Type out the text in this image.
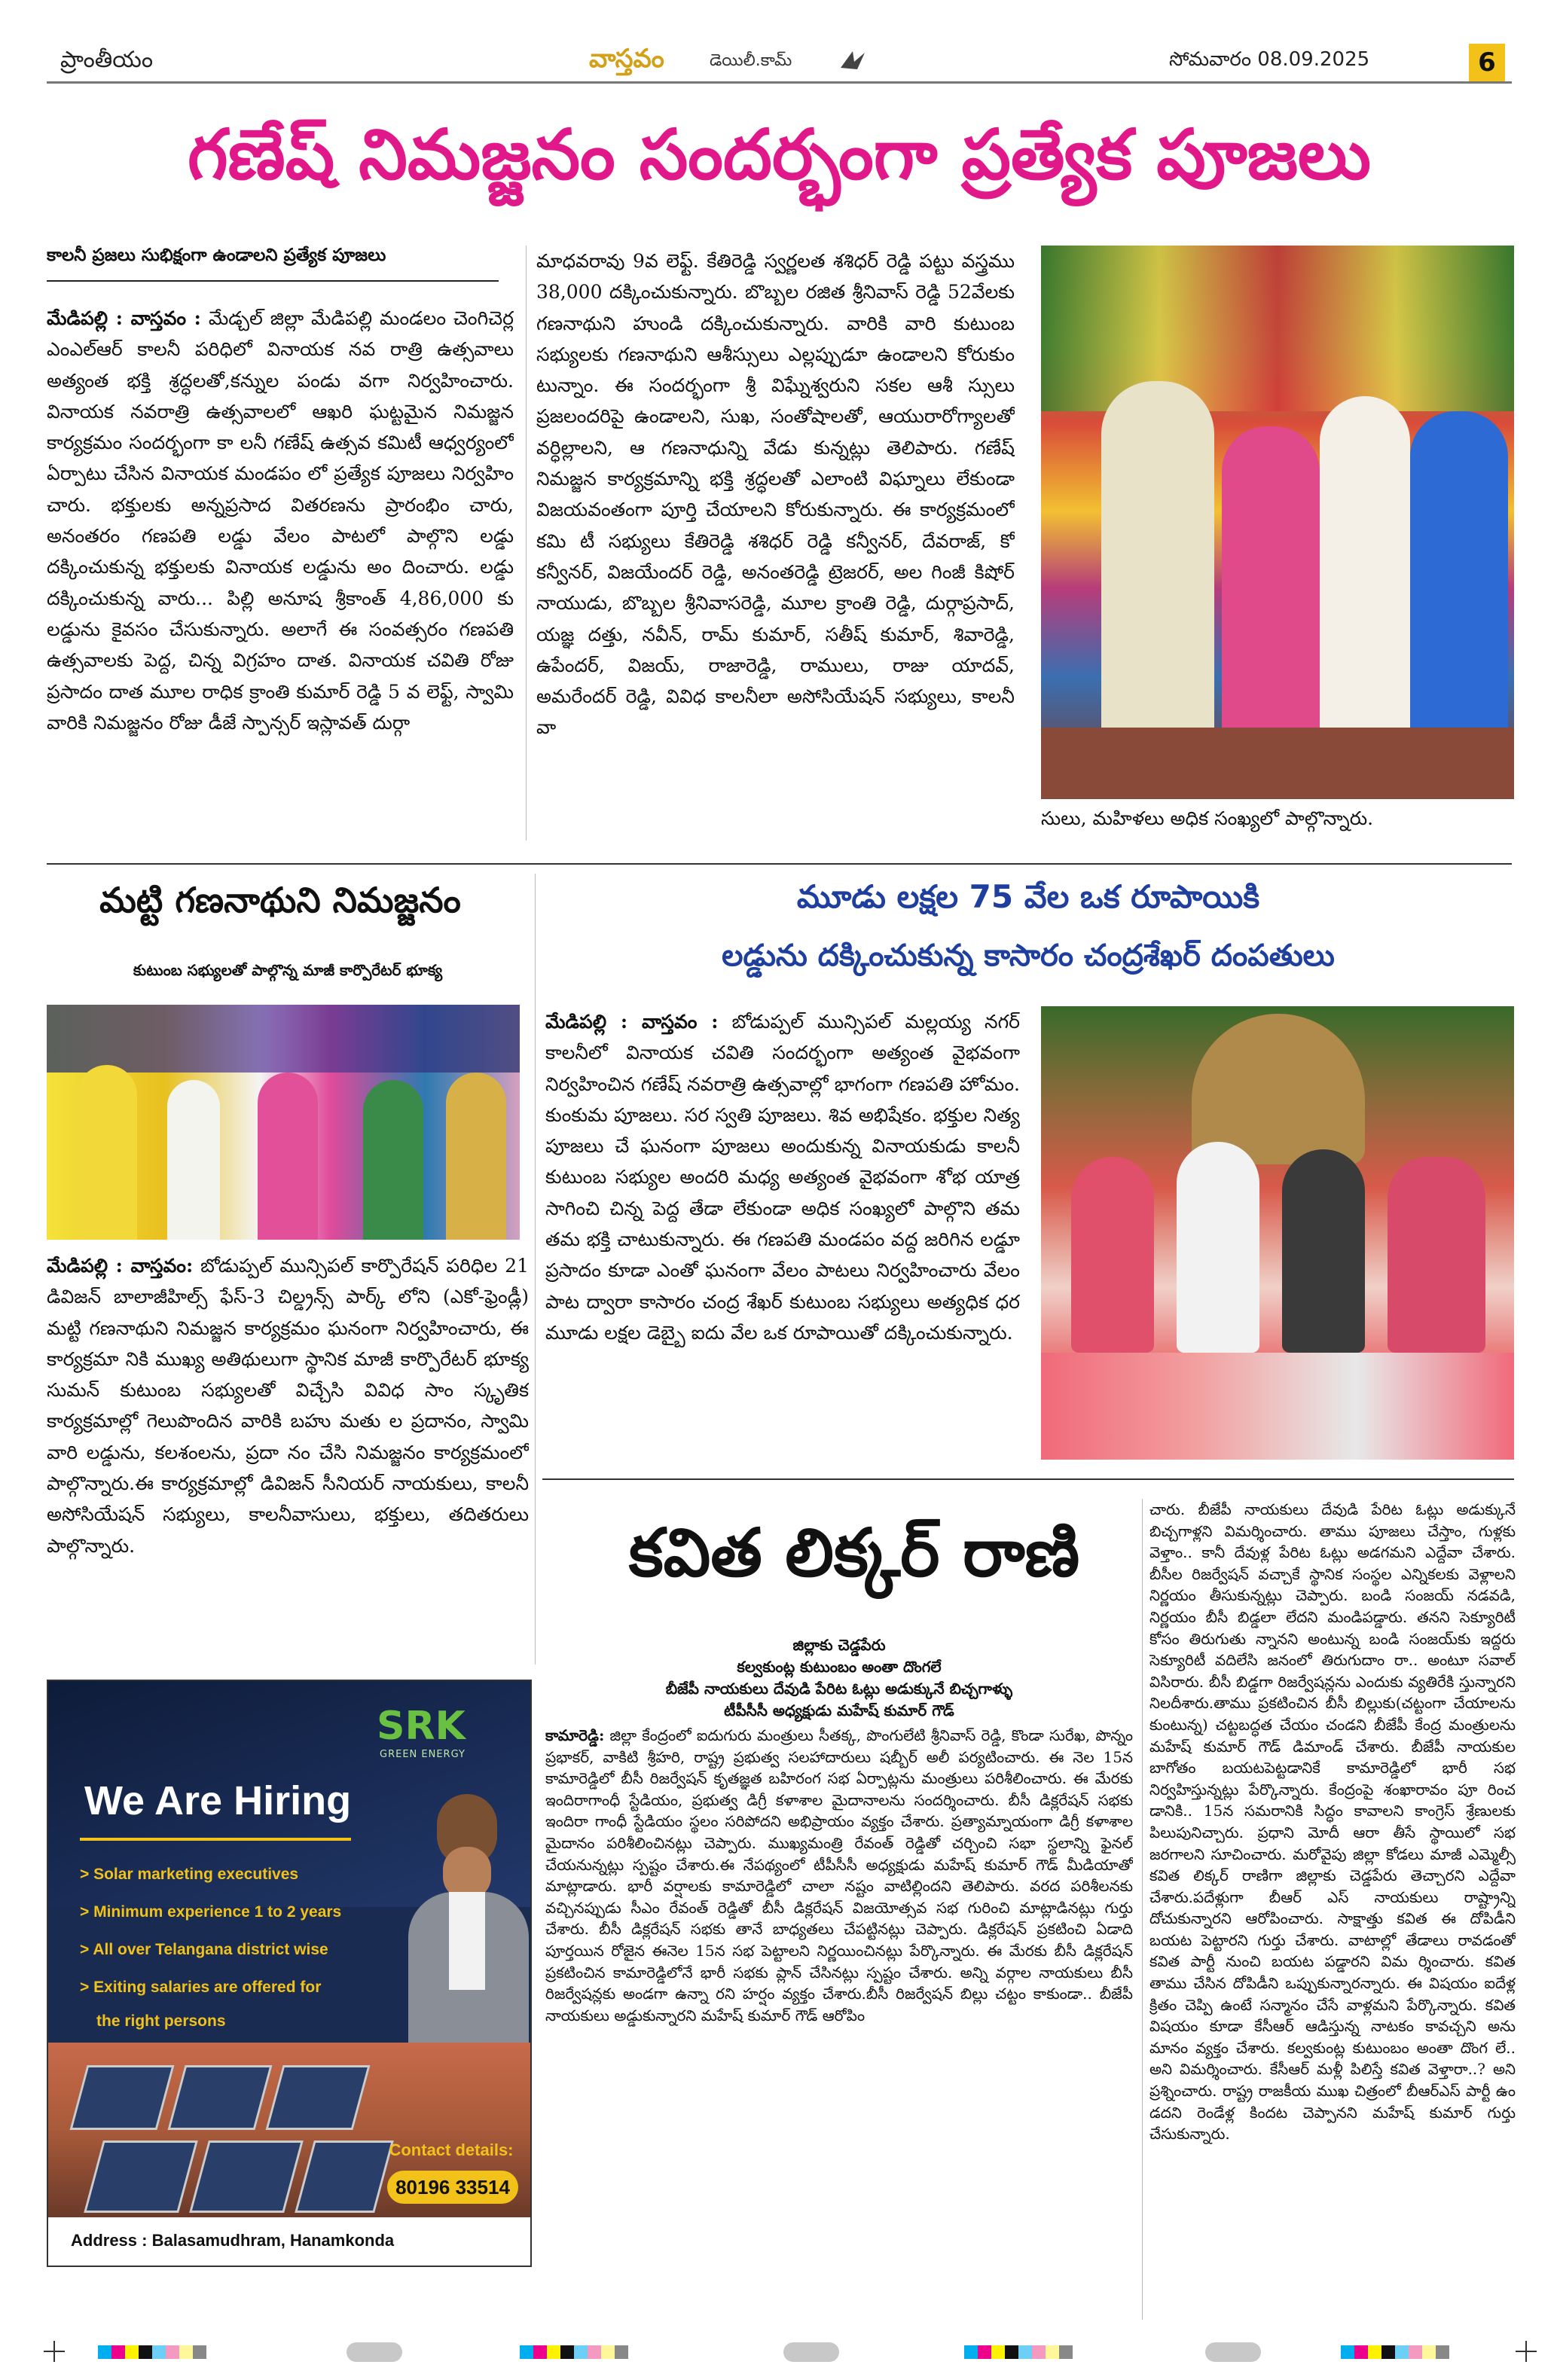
ప్రాంతీయం	వాస్తవం	డెయిలీ.కామ్	సోమవారం 08.09.2025	6
గణేష్ నిమజ్జనం సందర్భంగా ప్రత్యేక పూజలు
కాలనీ ప్రజలు సుభిక్షంగా ఉండాలని ప్రత్యేక పూజలు

మేడిపల్లి : వాస్తవం : మేడ్చల్ జిల్లా మేడిపల్లి మండలం చెంగిచెర్ల ఎంఎల్ఆర్ కాలనీ పరిధిలో వినాయక నవ రాత్రి ఉత్సవాలు అత్యంత భక్తి శ్రద్ధలతో,కన్నుల పండు వగా నిర్వహించారు. వినాయక నవరాత్రి ఉత్సవాలలో ఆఖరి ఘట్టమైన నిమజ్జన కార్యక్రమం సందర్భంగా కా లనీ గణేష్ ఉత్సవ కమిటీ ఆధ్వర్యంలో ఏర్పాటు చేసిన వినాయక మండపం లో ప్రత్యేక పూజలు నిర్వహిం చారు. భక్తులకు అన్నప్రసాద వితరణను ప్రారంభిం చారు, అనంతరం గణపతి లడ్డు వేలం పాటలో పాల్గొని లడ్డు దక్కించుకున్న భక్తులకు వినాయక లడ్డును అం దించారు. లడ్డు దక్కించుకున్న వారు... పిల్లి అనూష శ్రీకాంత్ 4,86,000 కు లడ్డును కైవసం చేసుకున్నారు. అలాగే ఈ సంవత్సరం గణపతి ఉత్సవాలకు పెద్ద, చిన్న విగ్రహం దాత. వినాయక చవితి రోజు ప్రసాదం దాత మూల రాధిక క్రాంతి కుమార్ రెడ్డి 5 వ లెఫ్ట్, స్వామి వారికి నిమజ్జనం రోజు డీజే స్పాన్సర్ ఇస్లావత్ దుర్గా

మాధవరావు 9వ లెఫ్ట్. కేతిరెడ్డి స్వర్ణలత శశిధర్ రెడ్డి పట్టు వస్త్రము 38,000 దక్కించుకున్నారు. బొబ్బల రజిత శ్రీనివాస్ రెడ్డి 52వేలకు గణనాథుని హుండి దక్కించుకున్నారు. వారికి వారి కుటుంబ సభ్యులకు గణనాథుని ఆశీస్సులు ఎల్లప్పుడూ ఉండాలని కోరుకుం టున్నాం. ఈ సందర్భంగా శ్రీ విఘ్నేశ్వరుని సకల ఆశీ స్సులు ప్రజలందరిపై ఉండాలని, సుఖ, సంతోషాలతో, ఆయురారోగ్యాలతో వర్ధిల్లాలని, ఆ గణనాధున్ని వేడు కున్నట్లు తెలిపారు. గణేష్ నిమజ్జన కార్యక్రమాన్ని భక్తి శ్రద్ధలతో ఎలాంటి విఘ్నాలు లేకుండా విజయవంతంగా పూర్తి చేయాలని కోరుకున్నారు. ఈ కార్యక్రమంలో కమి టీ సభ్యులు కేతిరెడ్డి శశిధర్ రెడ్డి కన్వీనర్, దేవరాజ్, కో కన్వీనర్, విజయేందర్ రెడ్డి, అనంతరెడ్డి ట్రెజరర్, అల గింజీ కిషోర్ నాయుడు, బొబ్బల శ్రీనివాసరెడ్డి, మూల క్రాంతి రెడ్డి, దుర్గాప్రసాద్, యజ్ఞ దత్తు, నవీన్, రామ్ కుమార్, సతీష్ కుమార్, శివారెడ్డి, ఉపేందర్, విజయ్, రాజారెడ్డి, రాములు, రాజు యాదవ్, అమరేందర్ రెడ్డి, వివిధ కాలనీలా అసోసియేషన్ సభ్యులు, కాలనీ వా

సులు, మహిళలు అధిక సంఖ్యలో పాల్గొన్నారు.
మట్టి గణనాథుని నిమజ్జనం
కుటుంబ సభ్యులతో పాల్గొన్న మాజీ కార్పొరేటర్ భూక్య

మేడిపల్లి : వాస్తవం: బోడుప్పల్ మున్సిపల్ కార్పొరేషన్ పరిధిల 21 డివిజన్ బాలాజీహిల్స్ ఫేస్-3 చిల్డ్రన్స్ పార్క్ లోని (ఎకో-ఫ్రెండ్లీ) మట్టి గణనాథుని నిమజ్జన కార్యక్రమం ఘనంగా నిర్వహించారు, ఈ కార్యక్రమా నికి ముఖ్య అతిథులుగా స్థానిక మాజీ కార్పొరేటర్ భూక్య సుమన్ కుటుంబ సభ్యులతో విచ్చేసి వివిధ సాం స్కృతిక కార్యక్రమాల్లో గెలుపొందిన వారికి బహు మతు ల ప్రదానం, స్వామి వారి లడ్డును, కలశంలను, ప్రదా నం చేసి నిమజ్జనం కార్యక్రమంలో పాల్గొన్నారు.ఈ కార్యక్రమాల్లో డివిజన్ సీనియర్ నాయకులు, కాలనీ అసోసియేషన్ సభ్యులు, కాలనీవాసులు, భక్తులు, తదితరులు పాల్గొన్నారు.

మూడు లక్షల 75 వేల ఒక రూపాయికి
లడ్డును దక్కించుకున్న కాసారం చంద్రశేఖర్ దంపతులు

మేడిపల్లి : వాస్తవం : బోడుప్పల్ మున్సిపల్ మల్లయ్య నగర్ కాలనీలో వినాయక చవితి సందర్భంగా అత్యంత వైభవంగా నిర్వహించిన గణేష్ నవరాత్రి ఉత్సవాల్లో భాగంగా గణపతి హోమం. కుంకుమ పూజలు. సర స్వతి పూజలు. శివ అభిషేకం. భక్తుల నిత్య పూజలు చే ఘనంగా పూజలు అందుకున్న వినాయకుడు కాలనీ కుటుంబ సభ్యుల అందరి మధ్య అత్యంత వైభవంగా శోభ యాత్ర సాగించి చిన్న పెద్ద తేడా లేకుండా అధిక సంఖ్యలో పాల్గొని తమ తమ భక్తి చాటుకున్నారు. ఈ గణపతి మండపం వద్ద జరిగిన లడ్డూ ప్రసాదం కూడా ఎంతో ఘనంగా వేలం పాటలు నిర్వహించారు వేలం పాట ద్వారా కాసారం చంద్ర శేఖర్ కుటుంబ సభ్యులు అత్యధిక ధర మూడు లక్షల డెబ్బై ఐదు వేల ఒక రూపాయితో దక్కించుకున్నారు.

SRK
GREEN ENERGY
We Are Hiring
> Solar marketing executives
> Minimum experience 1 to 2 years
> All over Telangana district wise
> Exiting salaries are offered for
the right persons
Contact details:
80196 33514
Address : Balasamudhram, Hanamkonda
కవిత లిక్కర్ రాణి
జిల్లాకు చెడ్డపేరు
కల్వకుంట్ల కుటుంబం అంతా దొంగలే
బీజేపీ నాయకులు దేవుడి పేరిట ఓట్లు అడుక్కునే బిచ్చగాళ్ళు
టీపీసీసీ అధ్యక్షుడు మహేష్ కుమార్ గౌడ్

కామారెడ్డి: జిల్లా కేంద్రంలో ఐదుగురు మంత్రులు సీతక్క, పొంగులేటి శ్రీనివాస్ రెడ్డి, కొండా సురేఖ, పొన్నం ప్రభాకర్, వాకిటి శ్రీహరి, రాష్ట్ర ప్రభుత్వ సలహాదారులు షబ్బీర్ అలీ పర్యటించారు. ఈ నెల 15న కామారెడ్డిలో బీసీ రిజర్వేషన్ కృతజ్ఞత బహిరంగ సభ ఏర్పాట్లను మంత్రులు పరిశీలించారు. ఈ మేరకు ఇందిరాగాంధీ స్టేడియం, ప్రభుత్వ డిగ్రీ కళాశాల మైదానాలను సందర్శించారు. బీసీ డిక్లరేషన్ సభకు ఇందిరా గాంధీ స్టేడియం స్థలం సరిపోదని అభిప్రాయం వ్యక్తం చేశారు. ప్రత్యామ్నాయంగా డిగ్రీ కళాశాల మైదానం పరిశీలించినట్లు చెప్పారు. ముఖ్యమంత్రి రేవంత్ రెడ్డితో చర్చించి సభా స్థలాన్ని ఫైనల్ చేయనున్నట్లు స్పష్టం చేశారు.ఈ నేపథ్యంలో టీపీసీసీ అధ్యక్షుడు మహేష్ కుమార్ గౌడ్ మీడియాతో మాట్లాడారు. భారీ వర్షాలకు కామారెడ్డిలో చాలా నష్టం వాటిల్లిందని తెలిపారు. వరద పరిశీలనకు వచ్చినప్పుడు సీఎం రేవంత్ రెడ్డితో బీసీ డిక్లరేషన్ విజయోత్సవ సభ గురించి మాట్లాడినట్లు గుర్తు చేశారు. బీసీ డిక్లరేషన్ సభకు తానే బాధ్యతలు చేపట్టినట్లు చెప్పారు. డిక్లరేషన్ ప్రకటించి ఏడాది పూర్తయిన రోజైన ఈనెల 15న సభ పెట్టాలని నిర్ణయించినట్లు పేర్కొన్నారు. ఈ మేరకు బీసీ డిక్లరేషన్ ప్రకటించిన కామారెడ్డిలోనే భారీ సభకు ప్లాన్ చేసినట్లు స్పష్టం చేశారు. అన్ని వర్గాల నాయకులు బీసీ రిజర్వేషన్లకు అండగా ఉన్నా రని హర్షం వ్యక్తం చేశారు.బీసీ రిజర్వేషన్ బిల్లు చట్టం కాకుండా.. బీజేపీ నాయకులు అడ్డుకున్నారని మహేష్ కుమార్ గౌడ్ ఆరోపిం

చారు. బీజేపీ నాయకులు దేవుడి పేరిట ఓట్లు అడుక్కునే బిచ్చగాళ్లని విమర్శించారు. తాము పూజలు చేస్తాం, గుళ్లకు వెళ్తాం.. కానీ దేవుళ్ల పేరిట ఓట్లు అడగమని ఎద్దేవా చేశారు. బీసీల రిజర్వేషన్ వచ్చాకే స్థానిక సంస్థల ఎన్నికలకు వెళ్లాలని నిర్ణయం తీసుకున్నట్లు చెప్పారు. బండి సంజయ్ నడవడి, నిర్ణయం బీసీ బిడ్డలా లేదని మండిపడ్డారు. తనని సెక్యూరిటీ కోసం తిరుగుతు న్నానని అంటున్న బండి సంజయ్‌కు ఇద్దరు సెక్యూరిటీ వదిలేసి జనంలో తిరుగుదాం రా.. అంటూ సవాల్ విసిరారు. బీసీ బిడ్డగా రిజర్వేషన్లను ఎందుకు వ్యతిరేకి స్తున్నారని నిలదీశారు.తాము ప్రకటించిన బీసీ బిల్లుకు(చట్టంగా చేయాలను కుంటున్న) చట్టబద్ధత చేయం చండని బీజేపీ కేంద్ర మంత్రులను మహేష్ కుమార్ గౌడ్ డిమాండ్ చేశారు. బీజేపీ నాయకుల బాగోతం బయటపెట్టడానికే కామారెడ్డిలో భారీ సభ నిర్వహిస్తున్నట్లు పేర్కొన్నారు. కేంద్రంపై శంఖారావం పూ రించ డానికి.. 15న సమరానికి సిద్ధం కావాలని కాంగ్రెస్ శ్రేణులకు పిలుపునిచ్చారు. ప్రధాని మోదీ ఆరా తీసే స్థాయిలో సభ జరగాలని సూచించారు. మరోవైపు జిల్లా కోడలు మాజీ ఎమ్మెల్సీ కవిత లిక్కర్ రాణిగా జిల్లాకు చెడ్డపేరు తెచ్చారని ఎద్దేవా చేశారు.పదేళ్లుగా బీఆర్ ఎస్ నాయకులు రాష్ట్రాన్ని దోచుకున్నారని ఆరోపించారు. సాక్షాత్తు కవిత ఈ దోపిడీని బయట పెట్టారని గుర్తు చేశారు. వాటాల్లో తేడాలు రావడంతో కవిత పార్టీ నుంచి బయట పడ్డారని విమ ర్శించారు. కవిత తాము చేసిన దోపిడీని ఒప్పుకున్నారన్నారు. ఈ విషయం ఐదేళ్ల క్రితం చెప్పి ఉంటే సన్మానం చేసే వాళ్లమని పేర్కొన్నారు. కవిత విషయం కూడా కేసీఆర్ ఆడిస్తున్న నాటకం కావచ్చని అను మానం వ్యక్తం చేశారు. కల్వకుంట్ల కుటుంబం అంతా దొంగ లే.. అని విమర్శించారు. కేసీఆర్ మళ్లీ పిలిస్తే కవిత వెళ్తారా..? అని ప్రశ్నించారు. రాష్ట్ర రాజకీయ ముఖ చిత్రంలో బీఆర్‌ఎస్ పార్టీ ఉం డదని రెండేళ్ల కిందట చెప్పానని మహేష్ కుమార్ గుర్తు చేసుకున్నారు.
